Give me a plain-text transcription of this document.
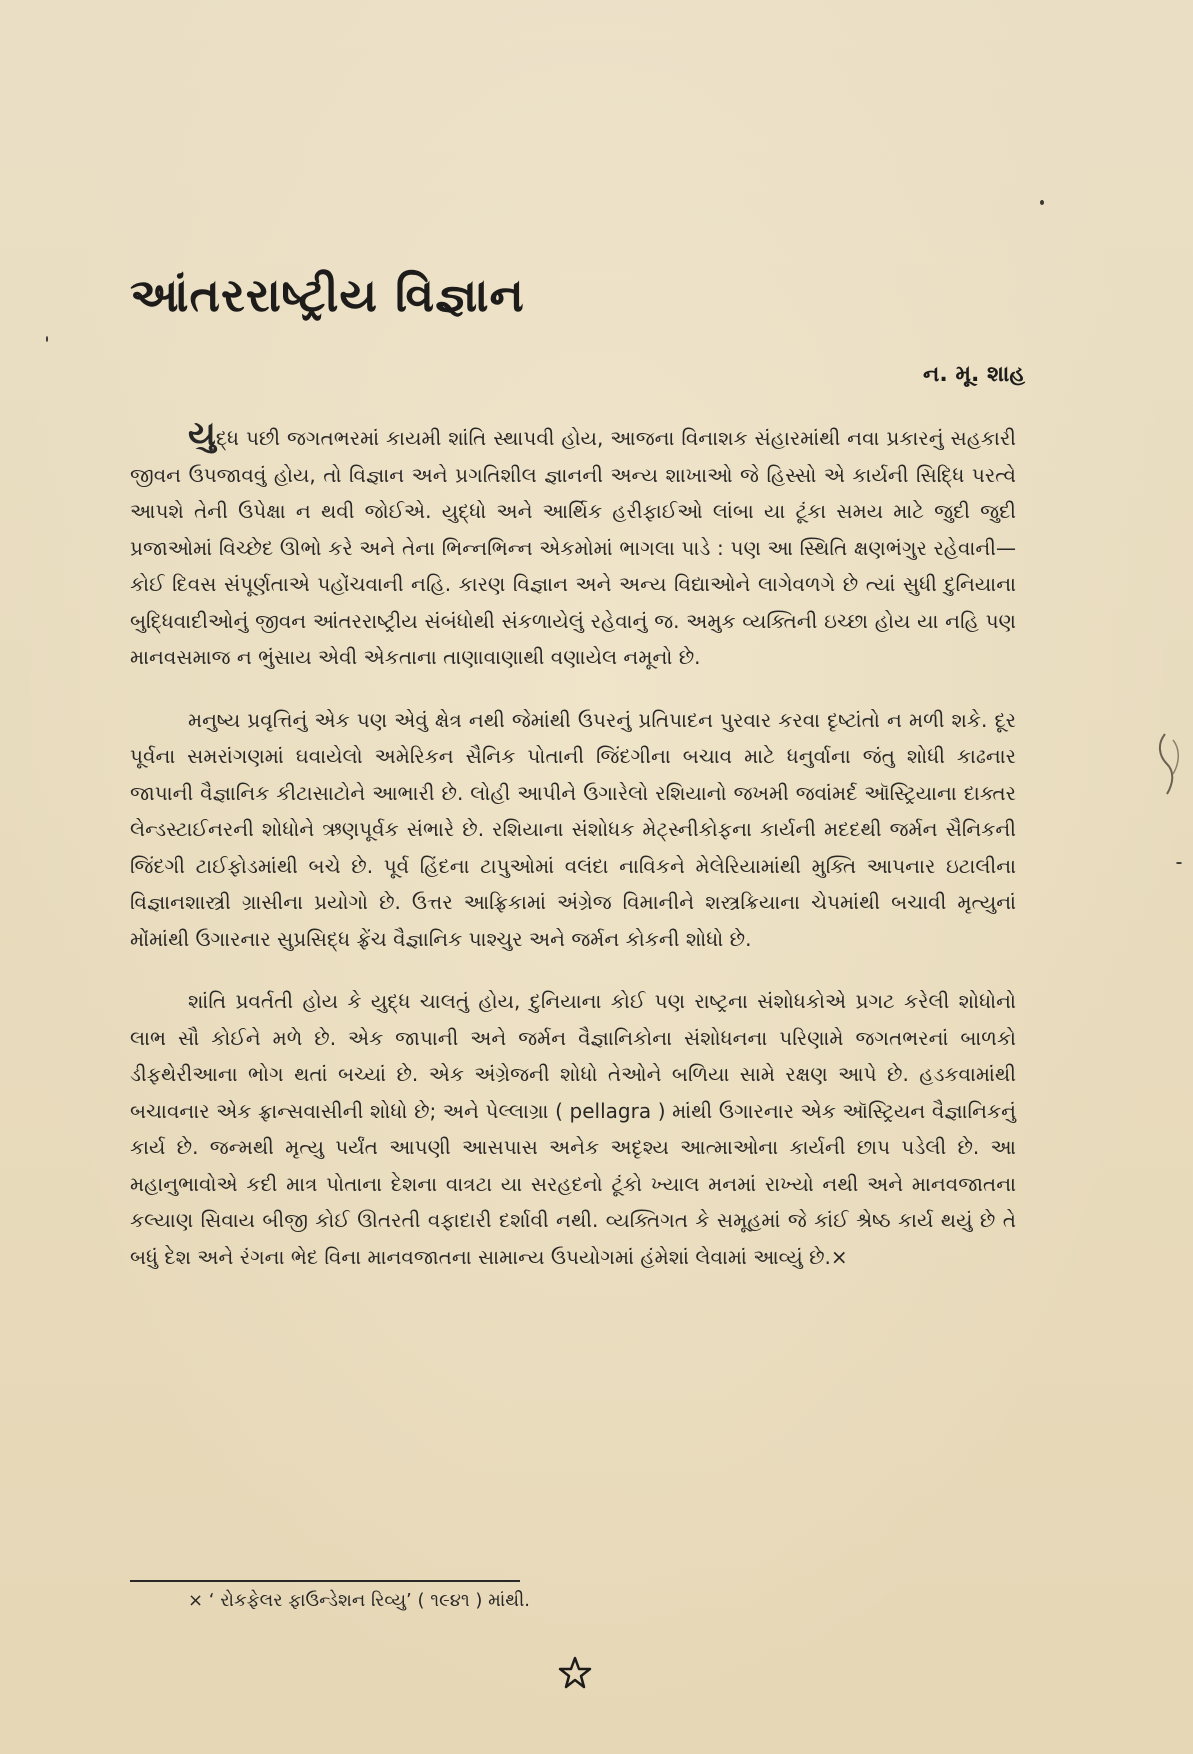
આંતરરાષ્ટ્રીય વિજ્ઞાન
ન. મૂ. શાહ

યુદ્ધ પછી જગતભરમાં કાયમી શાંતિ સ્થાપવી હોય, આજના વિનાશક સંહારમાંથી નવા પ્રકારનું સહકારી જીવન ઉપજાવવું હોય, તો વિજ્ઞાન અને પ્રગતિશીલ જ્ઞાનની અન્ય શાખાઓ જે હિસ્સો એ કાર્યની સિદ્ધિ પરત્વે આપશે તેની ઉપેક્ષા ન થવી જોઈએ. યુદ્ધો અને આર્થિક હરીફાઈઓ લાંબા યા ટૂંકા સમય માટે જુદી જુદી પ્રજાઓમાં વિચ્છેદ ઊભો કરે અને તેના ભિન્નભિન્ન એકમોમાં ભાગલા પાડે : પણ આ સ્થિતિ ક્ષણભંગુર રહેવાની—કોઈ દિવસ સંપૂર્ણતાએ પહોંચવાની નહિ. કારણ વિજ્ઞાન અને અન્ય વિદ્યાઓને લાગેવળગે છે ત્યાં સુધી દુનિયાના બુદ્ધિવાદીઓનું જીવન આંતરરાષ્ટ્રીય સંબંધોથી સંકળાયેલું રહેવાનું જ. અમુક વ્યક્તિની ઇચ્છા હોય યા નહિ પણ માનવસમાજ ન ભુંસાય એવી એકતાના તાણાવાણાથી વણાયેલ નમૂનો છે.

મનુષ્ય પ્રવૃત્તિનું એક પણ એવું ક્ષેત્ર નથી જેમાંથી ઉપરનું પ્રતિપાદન પુરવાર કરવા દૃષ્ટાંતો ન મળી શકે. દૂર પૂર્વના સમરાંગણમાં ઘવાયેલો અમેરિકન સૈનિક પોતાની જિંદગીના બચાવ માટે ધનુર્વાના જંતુ શોધી કાઢનાર જાપાની વૈજ્ઞાનિક કીટાસાટોને આભારી છે. લોહી આપીને ઉગારેલો રશિયાનો જખમી જવાંમર્દ ઑસ્ટ્રિયાના દાક્તર લેન્ડસ્ટાઈનરની શોધોને ઋણપૂર્વક સંભારે છે. રશિયાના સંશોધક મેટ્સ્નીકોફના કાર્યની મદદથી જર્મન સૈનિકની જિંદગી ટાઈફોડમાંથી બચે છે. પૂર્વ હિંદના ટાપુઓમાં વલંદા નાવિકને મેલેરિયામાંથી મુક્તિ આપનાર ઇટાલીના વિજ્ઞાનશાસ્ત્રી ગ્રાસીના પ્રયોગો છે. ઉત્તર આફ્રિકામાં અંગ્રેજ વિમાનીને શસ્ત્રક્રિયાના ચેપમાંથી બચાવી મૃત્યુનાં મોંમાંથી ઉગારનાર સુપ્રસિદ્ધ ફ્રેંચ વૈજ્ઞાનિક પાશ્ચુર અને જર્મન કોકની શોધો છે.

શાંતિ પ્રવર્તતી હોય કે યુદ્ધ ચાલતું હોય, દુનિયાના કોઈ પણ રાષ્ટ્રના સંશોધકોએ પ્રગટ કરેલી શોધોનો લાભ સૌ કોઈને મળે છે. એક જાપાની અને જર્મન વૈજ્ઞાનિકોના સંશોધનના પરિણામે જગતભરનાં બાળકો ડીફથેરીઆના ભોગ થતાં બચ્યાં છે. એક અંગ્રેજની શોધો તેઓને બળિયા સામે રક્ષણ આપે છે. હડકવામાંથી બચાવનાર એક ફ્રાન્સવાસીની શોધો છે; અને પેલ્લાગ્રા ( pellagra ) માંથી ઉગારનાર એક ઑસ્ટ્રિયન વૈજ્ઞાનિકનું કાર્ય છે. જન્મથી મૃત્યુ પર્યંત આપણી આસપાસ અનેક અદૃશ્ય આત્માઓના કાર્યની છાપ પડેલી છે. આ મહાનુભાવોએ કદી માત્ર પોતાના દેશના વાત્રટા યા સરહદનો ટૂંકો ખ્યાલ મનમાં રાખ્યો નથી અને માનવજાતના કલ્યાણ સિવાય બીજી કોઈ ઊતરતી વફાદારી દર્શાવી નથી. વ્યક્તિગત કે સમૂહમાં જે કાંઈ શ્રેષ્ઠ કાર્ય થયું છે તે બધું દેશ અને રંગના ભેદ વિના માનવજાતના સામાન્ય ઉપયોગમાં હંમેશાં લેવામાં આવ્યું છે.×

× ‘ રોકફેલર ફાઉન્ડેશન રિવ્યુ’ ( ૧૯૪૧ ) માંથી.
